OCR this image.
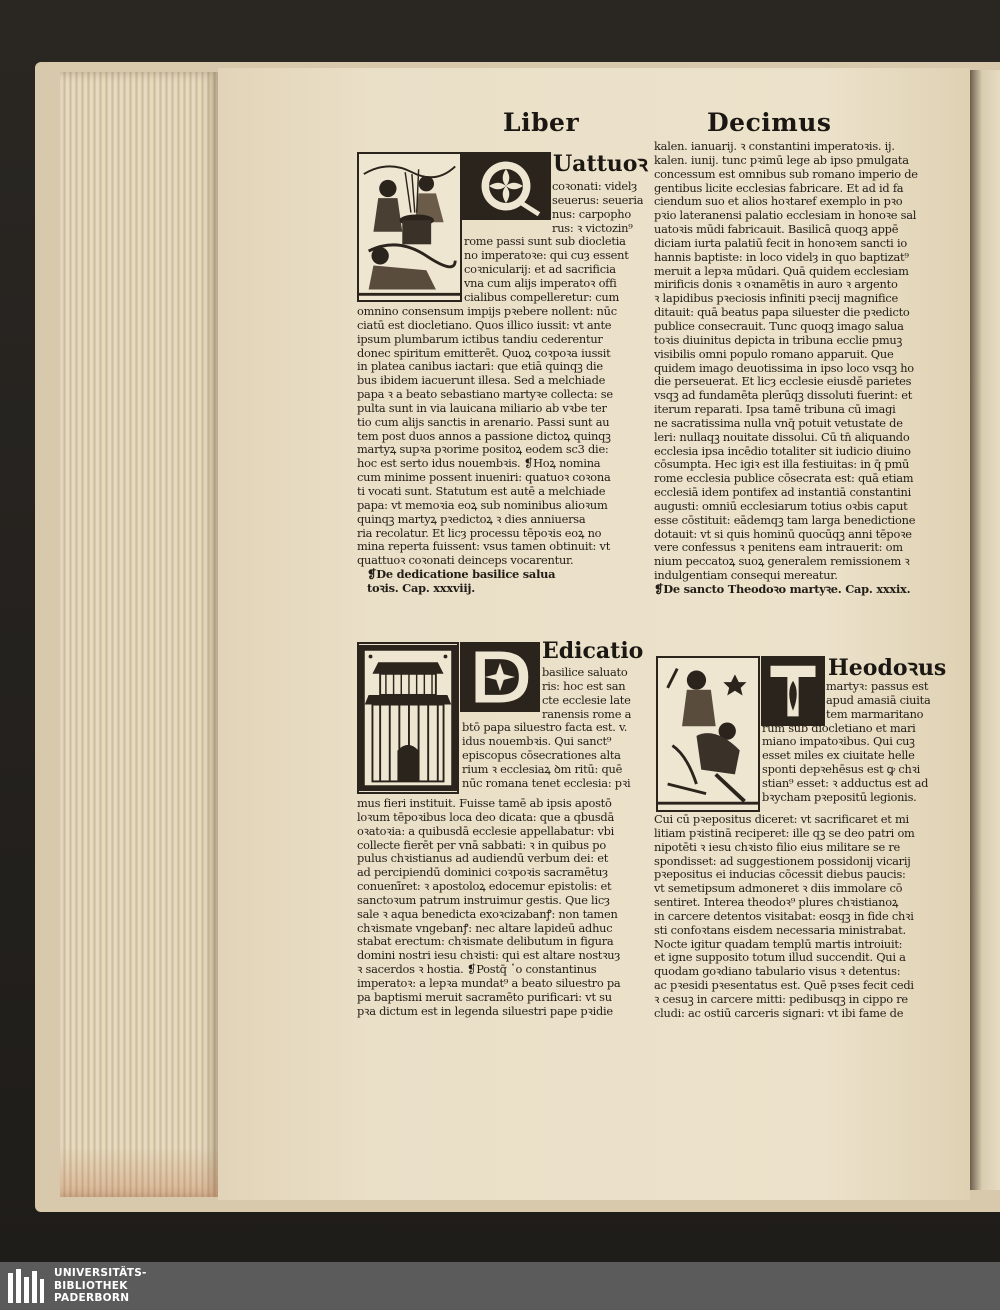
Liber	Decimus
Uattuoꝛ
Edicatio
Heodoꝛus

coꝛonati: videlȝ

seuerus: seueria

nus: carpopho

rus: ꝛ victozin⁹

rome passi sunt sub diocletia

no imperatoꝛe: qui cuȝ essent

coꝛnicularij: et ad sacrificia

vna cum alijs imperatoꝛ offi

cialibus compelleretur: cum

omnino consensum impijs pꝛebere nollent: nūc

ciatū est diocletiano. Quos illico iussit: vt ante

ipsum plumbarum ictibus tandiu cederentur

donec spiritum emitterēt. Quoꝝ coꝛpoꝛa iussit

in platea canibus iactari: que etiā quinqꝫ die

bus ibidem iacuerunt illesa. Sed a melchiade

papa ꝛ a beato sebastiano martyꝛe collecta: se

pulta sunt in via lauicana miliario ab vꝛbe ter

tio cum alijs sanctis in arenario. Passi sunt au

tem post duos annos a passione dictoꝝ quinqꝫ

martyꝝ supꝛa pꝛorime positoꝝ eodem sc3 die:

hoc est serto idus nouembꝛis. ❡Hoꝝ nomina

cum minime possent inueniri: quatuoꝛ coꝛona

ti vocati sunt. Statutum est autē a melchiade

papa: vt memoꝛia eoꝝ sub nominibus alioꝛum

quinqꝫ martyꝝ pꝛedictoꝝ ꝛ dies anniuersa

ria recolatur. Et licȝ processu tēpoꝛis eoꝝ no

mina reperta fuissent: vsus tamen obtinuit: vt

quattuoꝛ coꝛonati deinceps vocarentur.

❡De dedicatione basilice salua

toꝛis. Cap. xxxviij.

basilice saluato

ris: hoc est san

cte ecclesie late

ranensis rome a

btō papa siluestro facta est. v.

idus nouembꝛis. Qui sanct⁹

episcopus cōsecrationes alta

rium ꝛ ecclesiaꝝ ꝺm ritū: quē

nūc romana tenet ecclesia: pꝛi

mus fieri instituit. Fuisse tamē ab ipsis apostō

loꝛum tēpoꝛibus loca deo dicata: que a qbusdā

oꝛatoꝛia: a quibusdā ecclesie appellabatur: vbi

collecte fierēt per vnā sabbati: ꝛ in quibus po

pulus chꝛistianus ad audiendū verbum dei: et

ad percipiendū dominici coꝛpoꝛis sacramētuȝ

conuenī̄ret: ꝛ apostoloꝝ edocemur epistolis: et

sanctoꝛum patrum instruimur gestis. Que licȝ

sale ꝛ aqua benedicta exoꝛcizabanꝭ: non tamen

chꝛismate vngebanꝭ: nec altare lapideū adhuc

stabat erectum: chꝛismate delibutum in figura

domini nostri iesu chꝛisti: qui est altare nostꝛuȝ

ꝛ sacerdos ꝛ hostia. ❡Postq̄ ῾o constantinus

imperatoꝛ: a lepꝛa mundat⁹ a beato siluestro pa

pa baptismi meruit sacramēto purificari: vt su

pꝛa dictum est in legenda siluestri pape pꝛidie

kalen. ianuarij. ꝛ constantini imperatoꝛis. ij.

kalen. iunij. tunc pꝛimū lege ab ipso pmulgata

concessum est omnibus sub romano imperio de

gentibus licite ecclesias fabricare. Et ad id fa

ciendum suo et alios hoꝛtaref exemplo in pꝛo

pꝛio lateranensi palatio ecclesiam in honoꝛe sal

uatoꝛis mūdi fabricauit. Basilicā quoqꝫ appē

diciam iurta palatiū fecit in honoꝛem sancti io

hannis baptiste: in loco videlȝ in quo baptizat⁹

meruit a lepꝛa mūdari. Quā quidem ecclesiam

mirificis donis ꝛ oꝛnamētis in auro ꝛ argento

ꝛ lapidibus pꝛeciosis infiniti pꝛecij magnifice

ditauit: quā beatus papa siluester die pꝛedicto

publice consecrauit. Tunc quoqꝫ imago salua

toꝛis diuinitus depicta in tribuna eccl̄ie pmuꝫ

visibilis omni populo romano apparuit. Que

quidem imago deuotissima in ipso loco vsqꝫ ho

die perseuerat. Et licȝ ecclesie eiusdē parietes

vsqꝫ ad fundamēta plerūqꝫ dissoluti fuerint: et

iterum reparati. Ipsa tamē tribuna cū imagi

ne sacratissima nulla vnq̄ potuit vetustate de

leri: nullaqꝫ nouitate dissolui. Cū tn̄ aliquando

ecclesia ipsa incēdio totaliter sit iudicio diuino

cōsumpta. Hec igiꝛ est illa festiuitas: in q̄ pmū

rome ecclesia publice cōsecrata est: quā etiam

ecclesiā idem pontifex ad instantiā constantini

augusti: omniū ecclesiarum totius oꝛbis caput

esse cōstituit: eādemqꝫ tam larga benedictione

dotauit: vt si quis hominū quocūqꝫ anni tēpoꝛe

vere confessus ꝛ penitens eam intrauerit: om

nium peccatoꝝ suoꝝ generalem remissionem ꝛ

indulgentiam consequi mereatur.

❡De sancto Theodoꝛo martyꝛe. Cap. xxxix.

martyꝛ: passus est

apud amasiā ciuita

tem marmaritano

rum sub diocletiano et mari

miano impatoꝛibus. Qui cuꝫ

esset miles ex ciuitate helle

sponti depꝛehēsus est ꝙ chꝛi

stian⁹ esset: ꝛ adductus est ad

bꝛycham pꝛepositū legionis.

Cui cū pꝛepositus diceret: vt sacrificaret et mi

litiam pꝛistinā reciperet: ille qꝫ se deo patri om

nipotēti ꝛ iesu chꝛisto filio eius militare se re

spondisset: ad suggestionem possidonij vicarij

pꝛepositus ei inducias cōcessit diebus paucis:

vt semetipsum admoneret ꝛ diis immolare cō

sentiret. Interea theodoꝛ⁹ plures chꝛistianoꝝ

in carcere detentos visitabat: eosqꝫ in fide chꝛi

sti confoꝛtans eisdem necessaria ministrabat.

Nocte igitur quadam templū martis introiuit:

et igne supposito totum illud succendit. Qui a

quodam goꝛdiano tabulario visus ꝛ detentus:

ac pꝛesidi pꝛesentatus est. Quē pꝛses fecit cedi

ꝛ cesuꝫ in carcere mitti: pedibusqꝫ in cippo re

cludi: ac ostiū carceris signari: vt ibi fame de

UNIVERSITÄTS-
BIBLIOTHEK
PADERBORN
